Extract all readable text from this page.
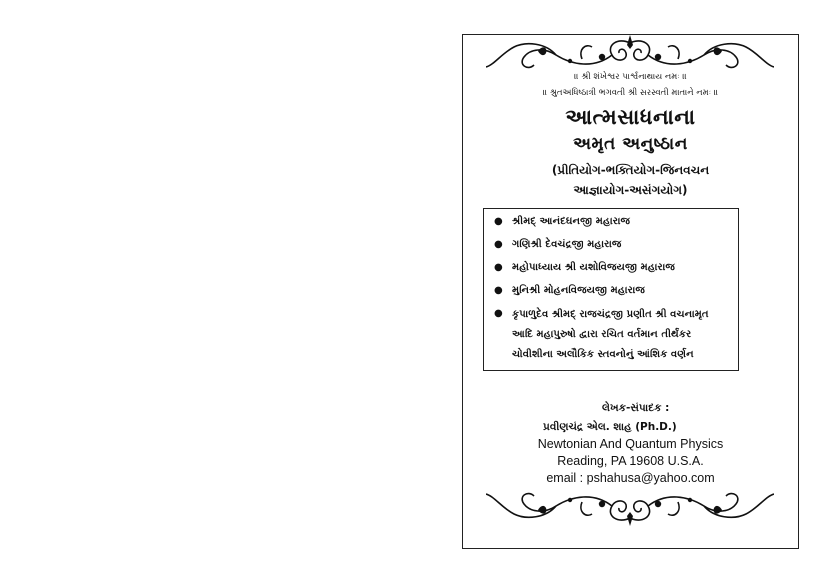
॥ શ્રી શંખેશ્વર પાર્શ્વનાથાય નમઃ ॥
॥ શ્રુતઅધિષ્ઠાત્રી ભગવતી શ્રી સરસ્વતી માતાને નમઃ ॥
આત્મસાધનાના
અમૃત અનુષ્ઠાન
(પ્રીતિયોગ-ભક્તિયોગ-જિનવચન
આજ્ઞાયોગ-અસંગયોગ)
● શ્રીમદ્ આનંદઘનજી મહારાજ
● ગણિશ્રી દેવચંદ્રજી મહારાજ
● મહોપાધ્યાય શ્રી યશોવિજયજી મહારાજ
● મુનિશ્રી મોહનવિજયજી મહારાજ
● કૃપાળુદેવ શ્રીમદ્ રાજચંદ્રજી પ્રણીત શ્રી વચનામૃત આદિ મહાપુરુષો દ્વારા રચિત વર્તમાન તીર્થંકર ચોવીશીના અલૌકિક સ્તવનોનું આંશિક વર્ણન
લેખક-સંપાદક :
પ્રવીણચંદ્ર એલ. શાહ (Ph.D.)
Newtonian And Quantum Physics
Reading, PA 19608 U.S.A.
email : pshahusa@yahoo.com
